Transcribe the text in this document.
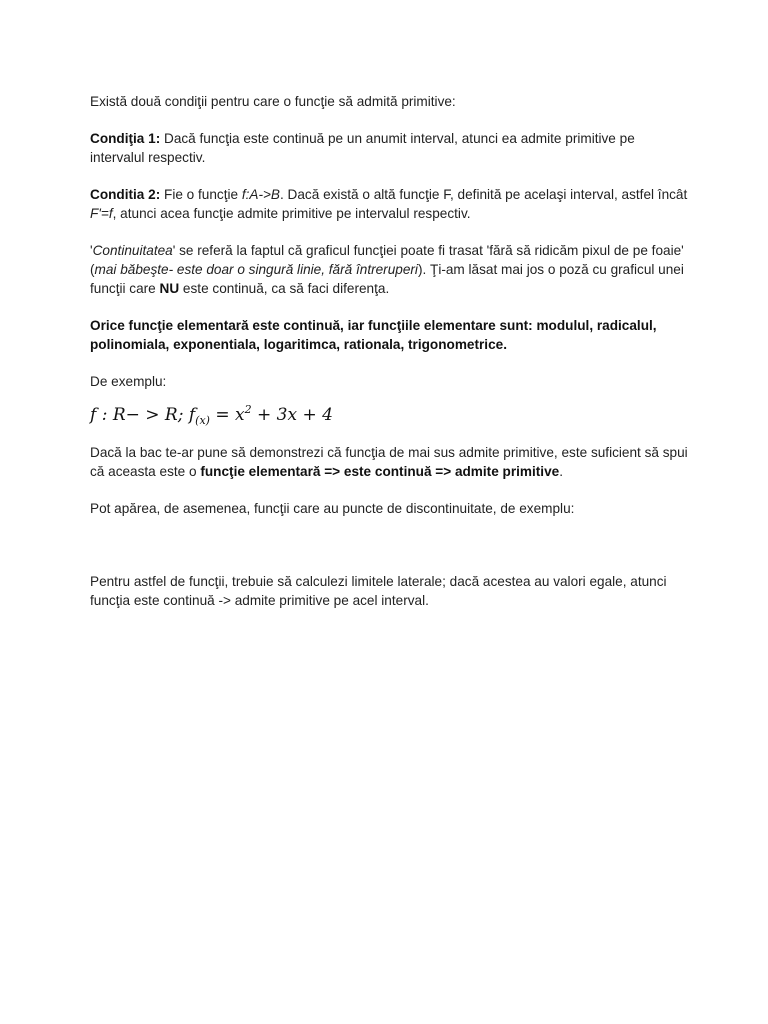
Există două condiţii pentru care o funcţie să admită primitive:

Condiţia 1: Dacă funcţia este continuă pe un anumit interval, atunci ea admite primitive pe intervalul respectiv.

Conditia 2: Fie o funcţie f:A->B. Dacă există o altă funcţie F, definită pe acelaşi interval, astfel încât F'=f, atunci acea funcţie admite primitive pe intervalul respectiv.

'Continuitatea' se referă la faptul că graficul funcţiei poate fi trasat 'fără să ridicăm pixul de pe foaie' (mai băbeşte- este doar o singură linie, fără întreruperi). Ţi-am lăsat mai jos o poză cu graficul unei funcţii care NU este continuă, ca să faci diferenţa.

Orice funcţie elementară este continuă, iar funcţiile elementare sunt: modulul, radicalul, polinomiala, exponentiala, logaritimca, rationala, trigonometrice.

De exemplu:

f : R− > R; $f_{(x)} = x^2 + 3x + 4$

Dacă la bac te-ar pune să demonstrezi că funcţia de mai sus admite primitive, este suficient să spui că aceasta este o funcţie elementară => este continuă => admite primitive.

Pot apărea, de asemenea, funcţii care au puncte de discontinuitate, de exemplu:

Pentru astfel de funcţii, trebuie să calculezi limitele laterale; dacă acestea au valori egale, atunci funcţia este continuă -> admite primitive pe acel interval.
